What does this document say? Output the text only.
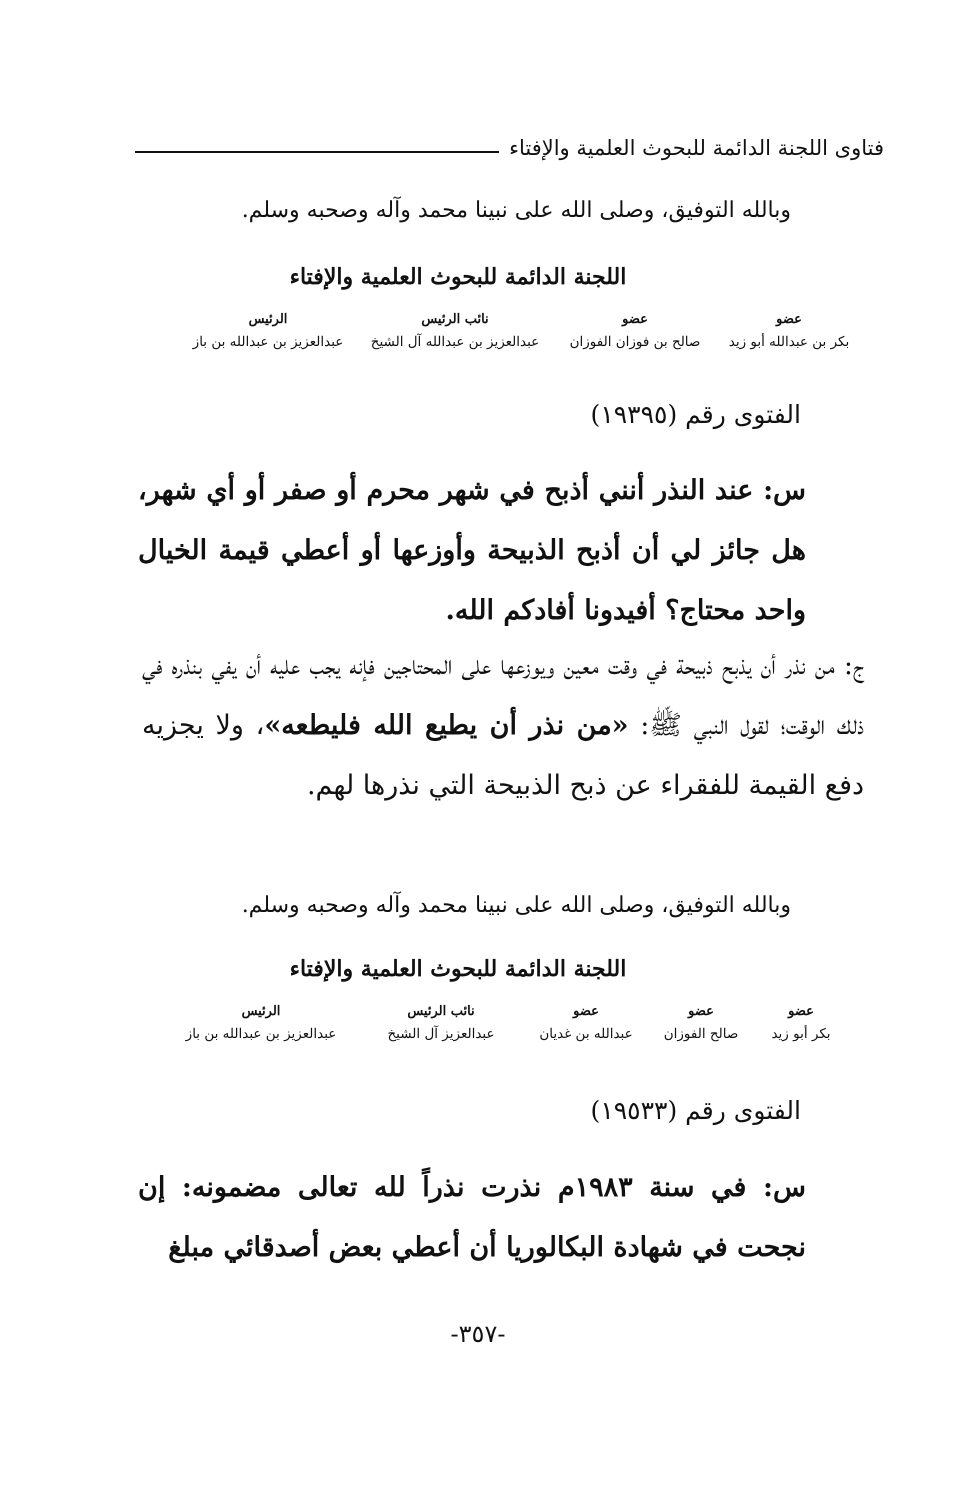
فتاوى اللجنة الدائمة للبحوث العلمية والإفتاء
وبالله التوفيق، وصلى الله على نبينا محمد وآله وصحبه وسلم.
اللجنة الدائمة للبحوث العلمية والإفتاء
عضو
بكر بن عبدالله أبو زيد
عضو
صالح بن فوزان الفوزان
نائب الرئيس
عبدالعزيز بن عبدالله آل الشيخ
الرئيس
عبدالعزيز بن عبدالله بن باز
الفتوى رقم (١٩٣٩٥)
س: عند النذر أنني أذبح في شهر محرم أو صفر أو أي شهر، هل جائز لي أن أذبح الذبيحة وأوزعها أو أعطي قيمة الخيال واحد محتاج؟ أفيدونا أفادكم الله.
ج: من نذر أن يذبح ذبيحة في وقت معين ويوزعها على المحتاجين فإنه يجب عليه أن يفي بنذره في ذلك الوقت؛ لقول النبي ﷺ: «من نذر أن يطيع الله فليطعه»، ولا يجزيه دفع القيمة للفقراء عن ذبح الذبيحة التي نذرها لهم.
وبالله التوفيق، وصلى الله على نبينا محمد وآله وصحبه وسلم.
اللجنة الدائمة للبحوث العلمية والإفتاء
عضو
بكر أبو زيد
عضو
صالح الفوزان
عضو
عبدالله بن غديان
نائب الرئيس
عبدالعزيز آل الشيخ
الرئيس
عبدالعزيز بن عبدالله بن باز
الفتوى رقم (١٩٥٣٣)
س: في سنة ١٩٨٣م نذرت نذراً لله تعالى مضمونه: إن نجحت في شهادة البكالوريا أن أعطي بعض أصدقائي مبلغ
-٣٥٧-
